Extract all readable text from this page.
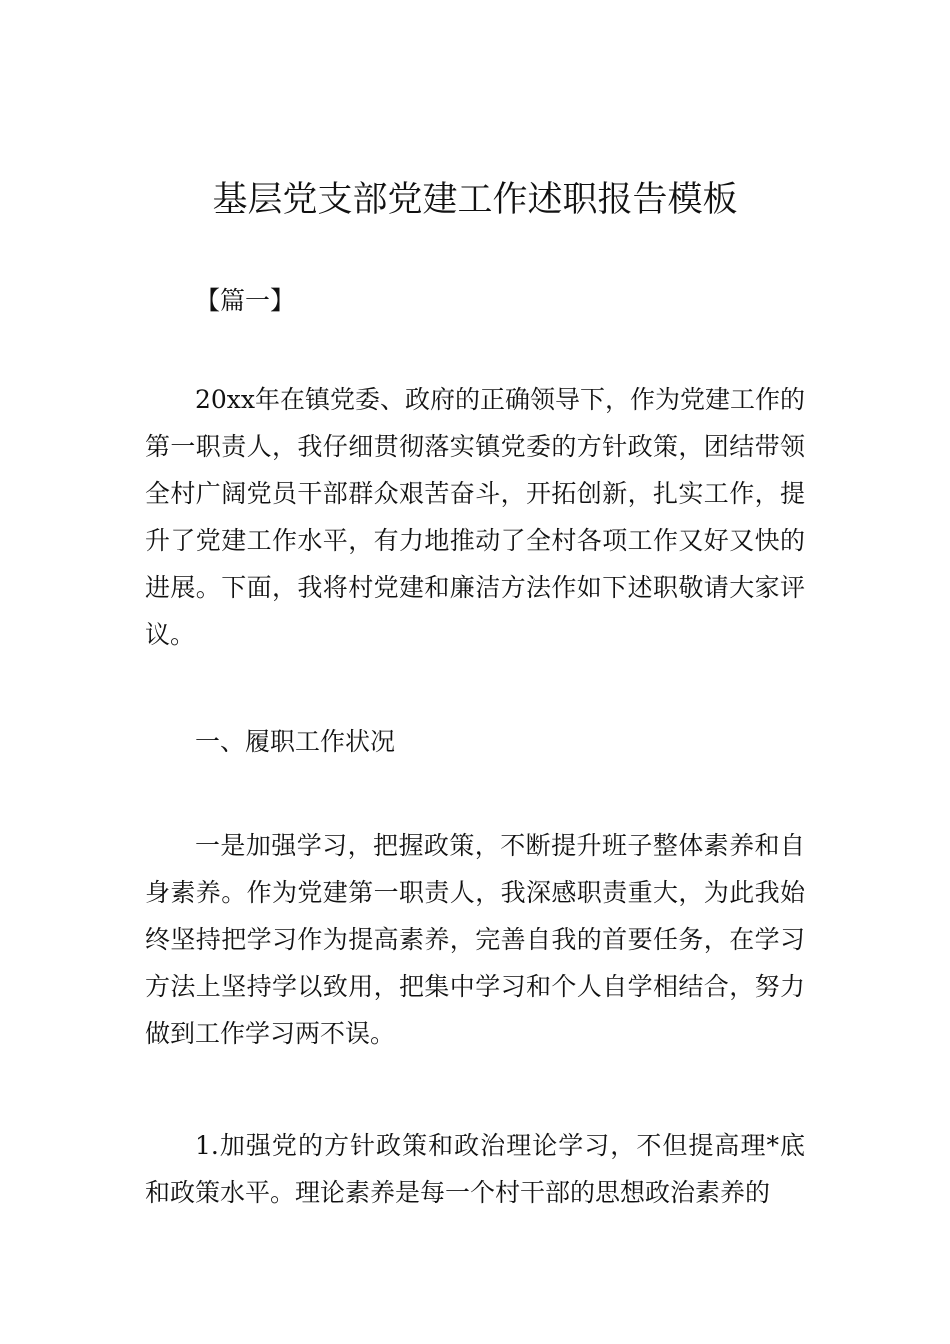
基层党支部党建工作述职报告模板

【篇一】

20xx年在镇党委、政府的正确领导下，作为党建工作的第一职责人，我仔细贯彻落实镇党委的方针政策，团结带领全村广阔党员干部群众艰苦奋斗，开拓创新，扎实工作，提升了党建工作水平，有力地推动了全村各项工作又好又快的进展。下面，我将村党建和廉洁方法作如下述职敬请大家评议。

一、履职工作状况

一是加强学习，把握政策，不断提升班子整体素养和自身素养。作为党建第一职责人，我深感职责重大，为此我始终坚持把学习作为提高素养，完善自我的首要任务，在学习方法上坚持学以致用，把集中学习和个人自学相结合，努力做到工作学习两不误。

1.加强党的方针政策和政治理论学习，不但提高理*底和政策水平。理论素养是每一个村干部的思想政治素养的
